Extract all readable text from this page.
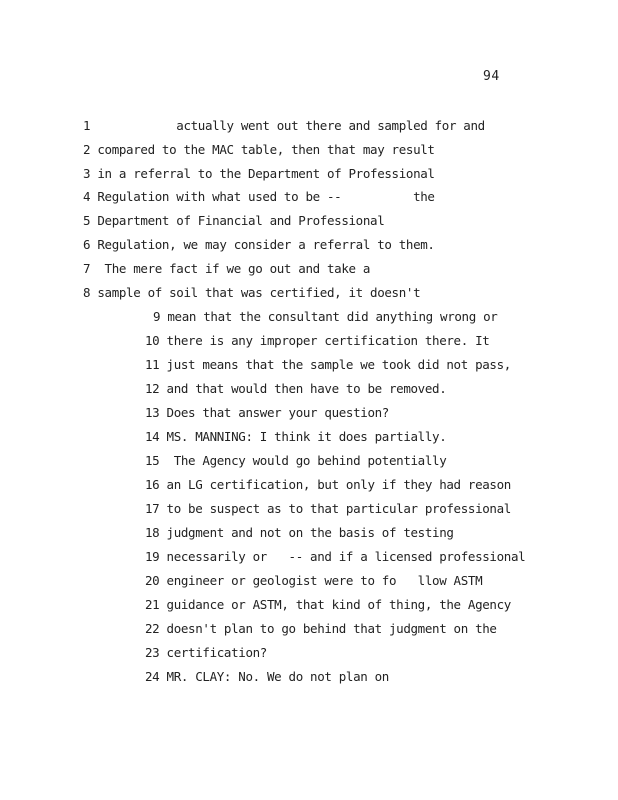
94
1            actually went out there and sampled for and
2 compared to the MAC table, then that may result
3 in a referral to the Department of Professional
4 Regulation with what used to be --          the
5 Department of Financial and Professional
6 Regulation, we may consider a referral to them.
7  The mere fact if we go out and take a
8 sample of soil that was certified, it doesn't
9 mean that the consultant did anything wrong or
10 there is any improper certification there. It
11 just means that the sample we took did not pass,
12 and that would then have to be removed.
13 Does that answer your question?
14 MS. MANNING: I think it does partially.
15  The Agency would go behind potentially
16 an LG certification, but only if they had reason
17 to be suspect as to that particular professional
18 judgment and not on the basis of testing
19 necessarily or   -- and if a licensed professional
20 engineer or geologist were to fo   llow ASTM
21 guidance or ASTM, that kind of thing, the Agency
22 doesn't plan to go behind that judgment on the
23 certification?
24 MR. CLAY: No. We do not plan on
